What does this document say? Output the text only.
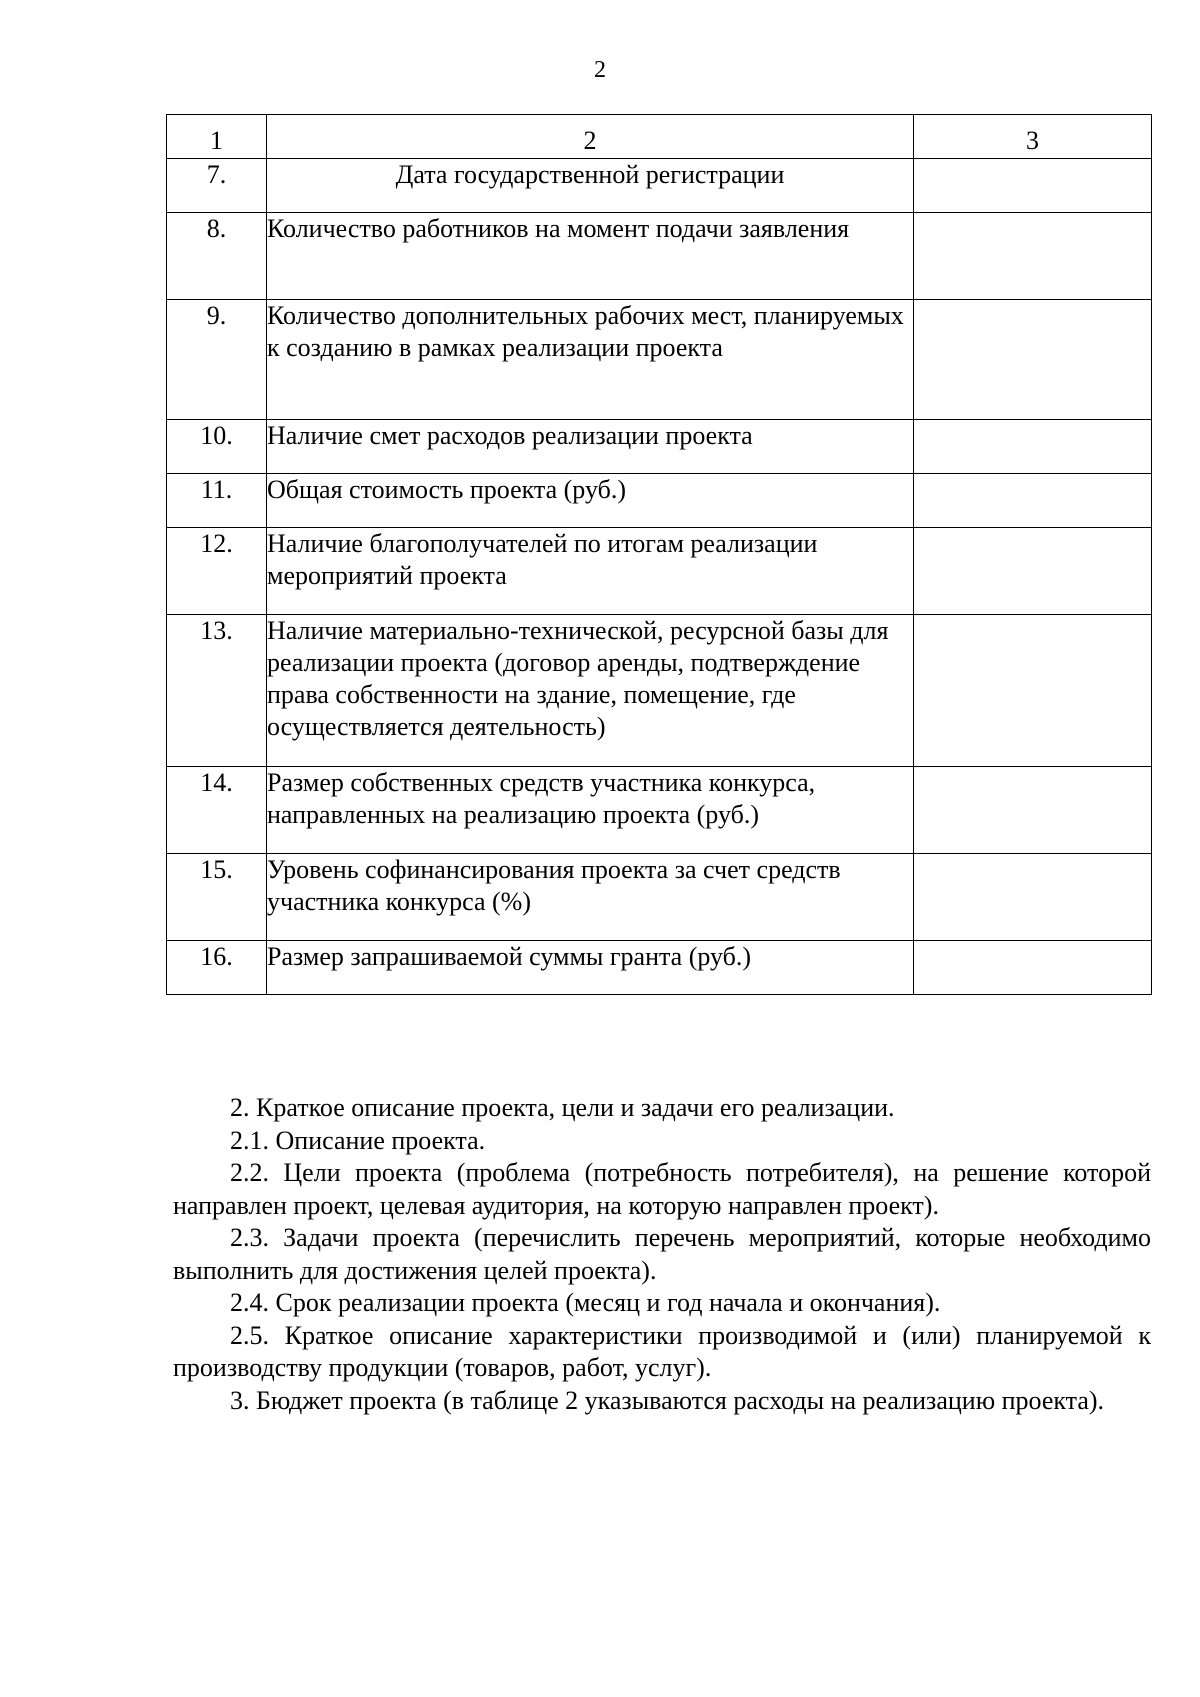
2
1	2	3
7.	Дата государственной регистрации	
8.	Количество работников на момент подачи заявления	
9.	Количество дополнительных рабочих мест, планируемых к созданию в рамках реализации проекта	
10.	Наличие смет расходов реализации проекта	
11.	Общая стоимость проекта (руб.)	
12.	Наличие благополучателей по итогам реализации мероприятий проекта	
13.	Наличие материально-технической, ресурсной базы для реализации проекта (договор аренды, подтверждение права собственности на здание, помещение, где осуществляется деятельность)	
14.	Размер собственных средств участника конкурса, направленных на реализацию проекта (руб.)	
15.	Уровень софинансирования проекта за счет средств участника конкурса (%)	
16.	Размер запрашиваемой суммы гранта (руб.)	

2. Краткое описание проекта, цели и задачи его реализации.

2.1. Описание проекта.

2.2. Цели проекта (проблема (потребность потребителя), на решение которой направлен проект, целевая аудитория, на которую направлен проект).

2.3. Задачи проекта (перечислить перечень мероприятий, которые необходимо выполнить для достижения целей проекта).

2.4. Срок реализации проекта (месяц и год начала и окончания).

2.5. Краткое описание характеристики производимой и (или) планируемой к производству продукции (товаров, работ, услуг).

3. Бюджет проекта (в таблице 2 указываются расходы на реализацию проекта).
